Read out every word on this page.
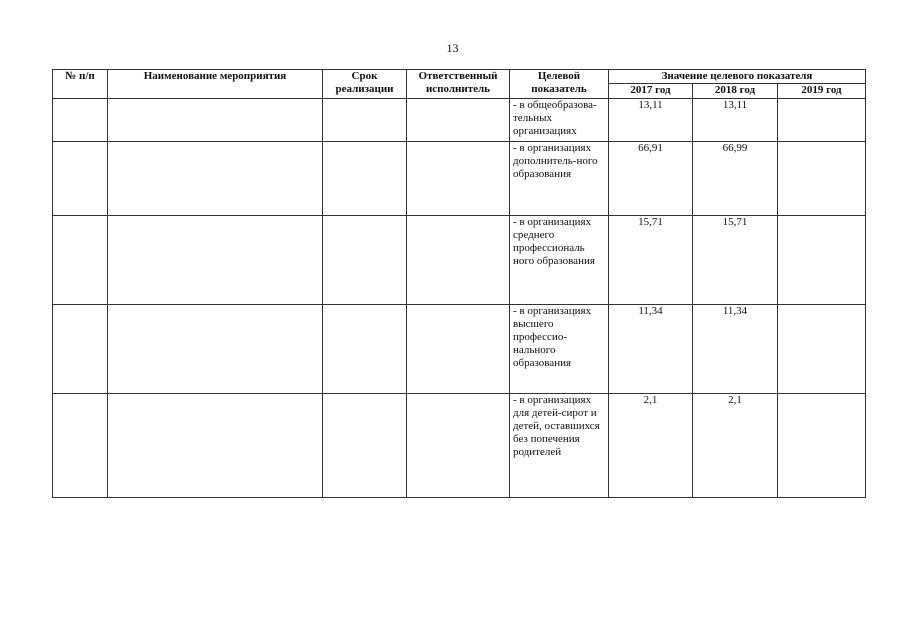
13
№ п/п	Наименование мероприятия	Срок реализации	Ответственный исполнитель	Целевой показатель	Значение целевого показателя		
					2017 год	2018 год	2019 год
				- в общеобразова-тельных организациях	13,11	13,11	
				- в организациях дополнитель-ного образования	66,91	66,99	
				- в организациях среднего профессиональ ного образования	15,71	15,71	
				- в организациях высшего профессио-нального образования	11,34	11,34	
				- в организациях для детей-сирот и детей, оставшихся без попечения родителей	2,1	2,1	
